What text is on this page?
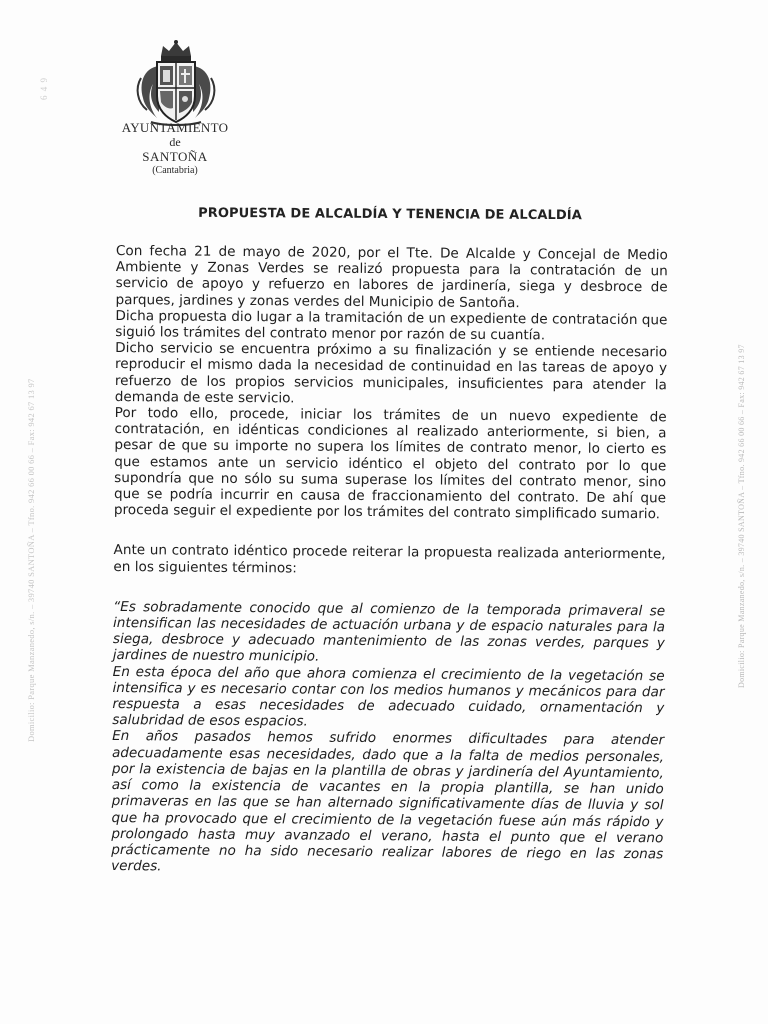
AYUNTAMIENTO
de
SANTOÑA
(Cantabria)
Domicilio: Parque Manzanedo, s/n. – 39740 SANTOÑA – Tfno. 942 66 00 66 – Fax: 942 67 13 97	Domicilio: Parque Manzanedo, s/n. – 39740 SANTOÑA – Tfno. 942 66 00 66 – Fax: 942 67 13 97
6 4 9
PROPUESTA DE ALCALDÍA Y TENENCIA DE ALCALDÍA

Con fecha 21 de mayo de 2020, por el Tte. De Alcalde y Concejal de Medio Ambiente y Zonas Verdes se realizó propuesta para la contratación de un servicio de apoyo y refuerzo en labores de jardinería, siega y desbroce de parques, jardines y zonas verdes del Municipio de Santoña.

Dicha propuesta dio lugar a la tramitación de un expediente de contratación que siguió los trámites del contrato menor por razón de su cuantía.

Dicho servicio se encuentra próximo a su finalización y se entiende necesario reproducir el mismo dada la necesidad de continuidad en las tareas de apoyo y refuerzo de los propios servicios municipales, insuficientes para atender la demanda de este servicio.

Por todo ello, procede, iniciar los trámites de un nuevo expediente de contratación, en idénticas condiciones al realizado anteriormente, si bien, a pesar de que su importe no supera los límites de contrato menor, lo cierto es que estamos ante un servicio idéntico el objeto del contrato por lo que supondría que no sólo su suma superase los límites del contrato menor, sino que se podría incurrir en causa de fraccionamiento del contrato. De ahí que proceda seguir el expediente por los trámites del contrato simplificado sumario.

Ante un contrato idéntico procede reiterar la propuesta realizada anteriormente, en los siguientes términos:

“Es sobradamente conocido que al comienzo de la temporada primaveral se intensifican las necesidades de actuación urbana y de espacio naturales para la siega, desbroce y adecuado mantenimiento de las zonas verdes, parques y jardines de nuestro municipio.

En esta época del año que ahora comienza el crecimiento de la vegetación se intensifica y es necesario contar con los medios humanos y mecánicos para dar respuesta a esas necesidades de adecuado cuidado, ornamentación y salubridad de esos espacios.

En años pasados hemos sufrido enormes dificultades para atender adecuadamente esas necesidades, dado que a la falta de medios personales, por la existencia de bajas en la plantilla de obras y jardinería del Ayuntamiento, así como la existencia de vacantes en la propia plantilla, se han unido primaveras en las que se han alternado significativamente días de lluvia y sol que ha provocado que el crecimiento de la vegetación fuese aún más rápido y prolongado hasta muy avanzado el verano, hasta el punto que el verano prácticamente no ha sido necesario realizar labores de riego en las zonas verdes.
